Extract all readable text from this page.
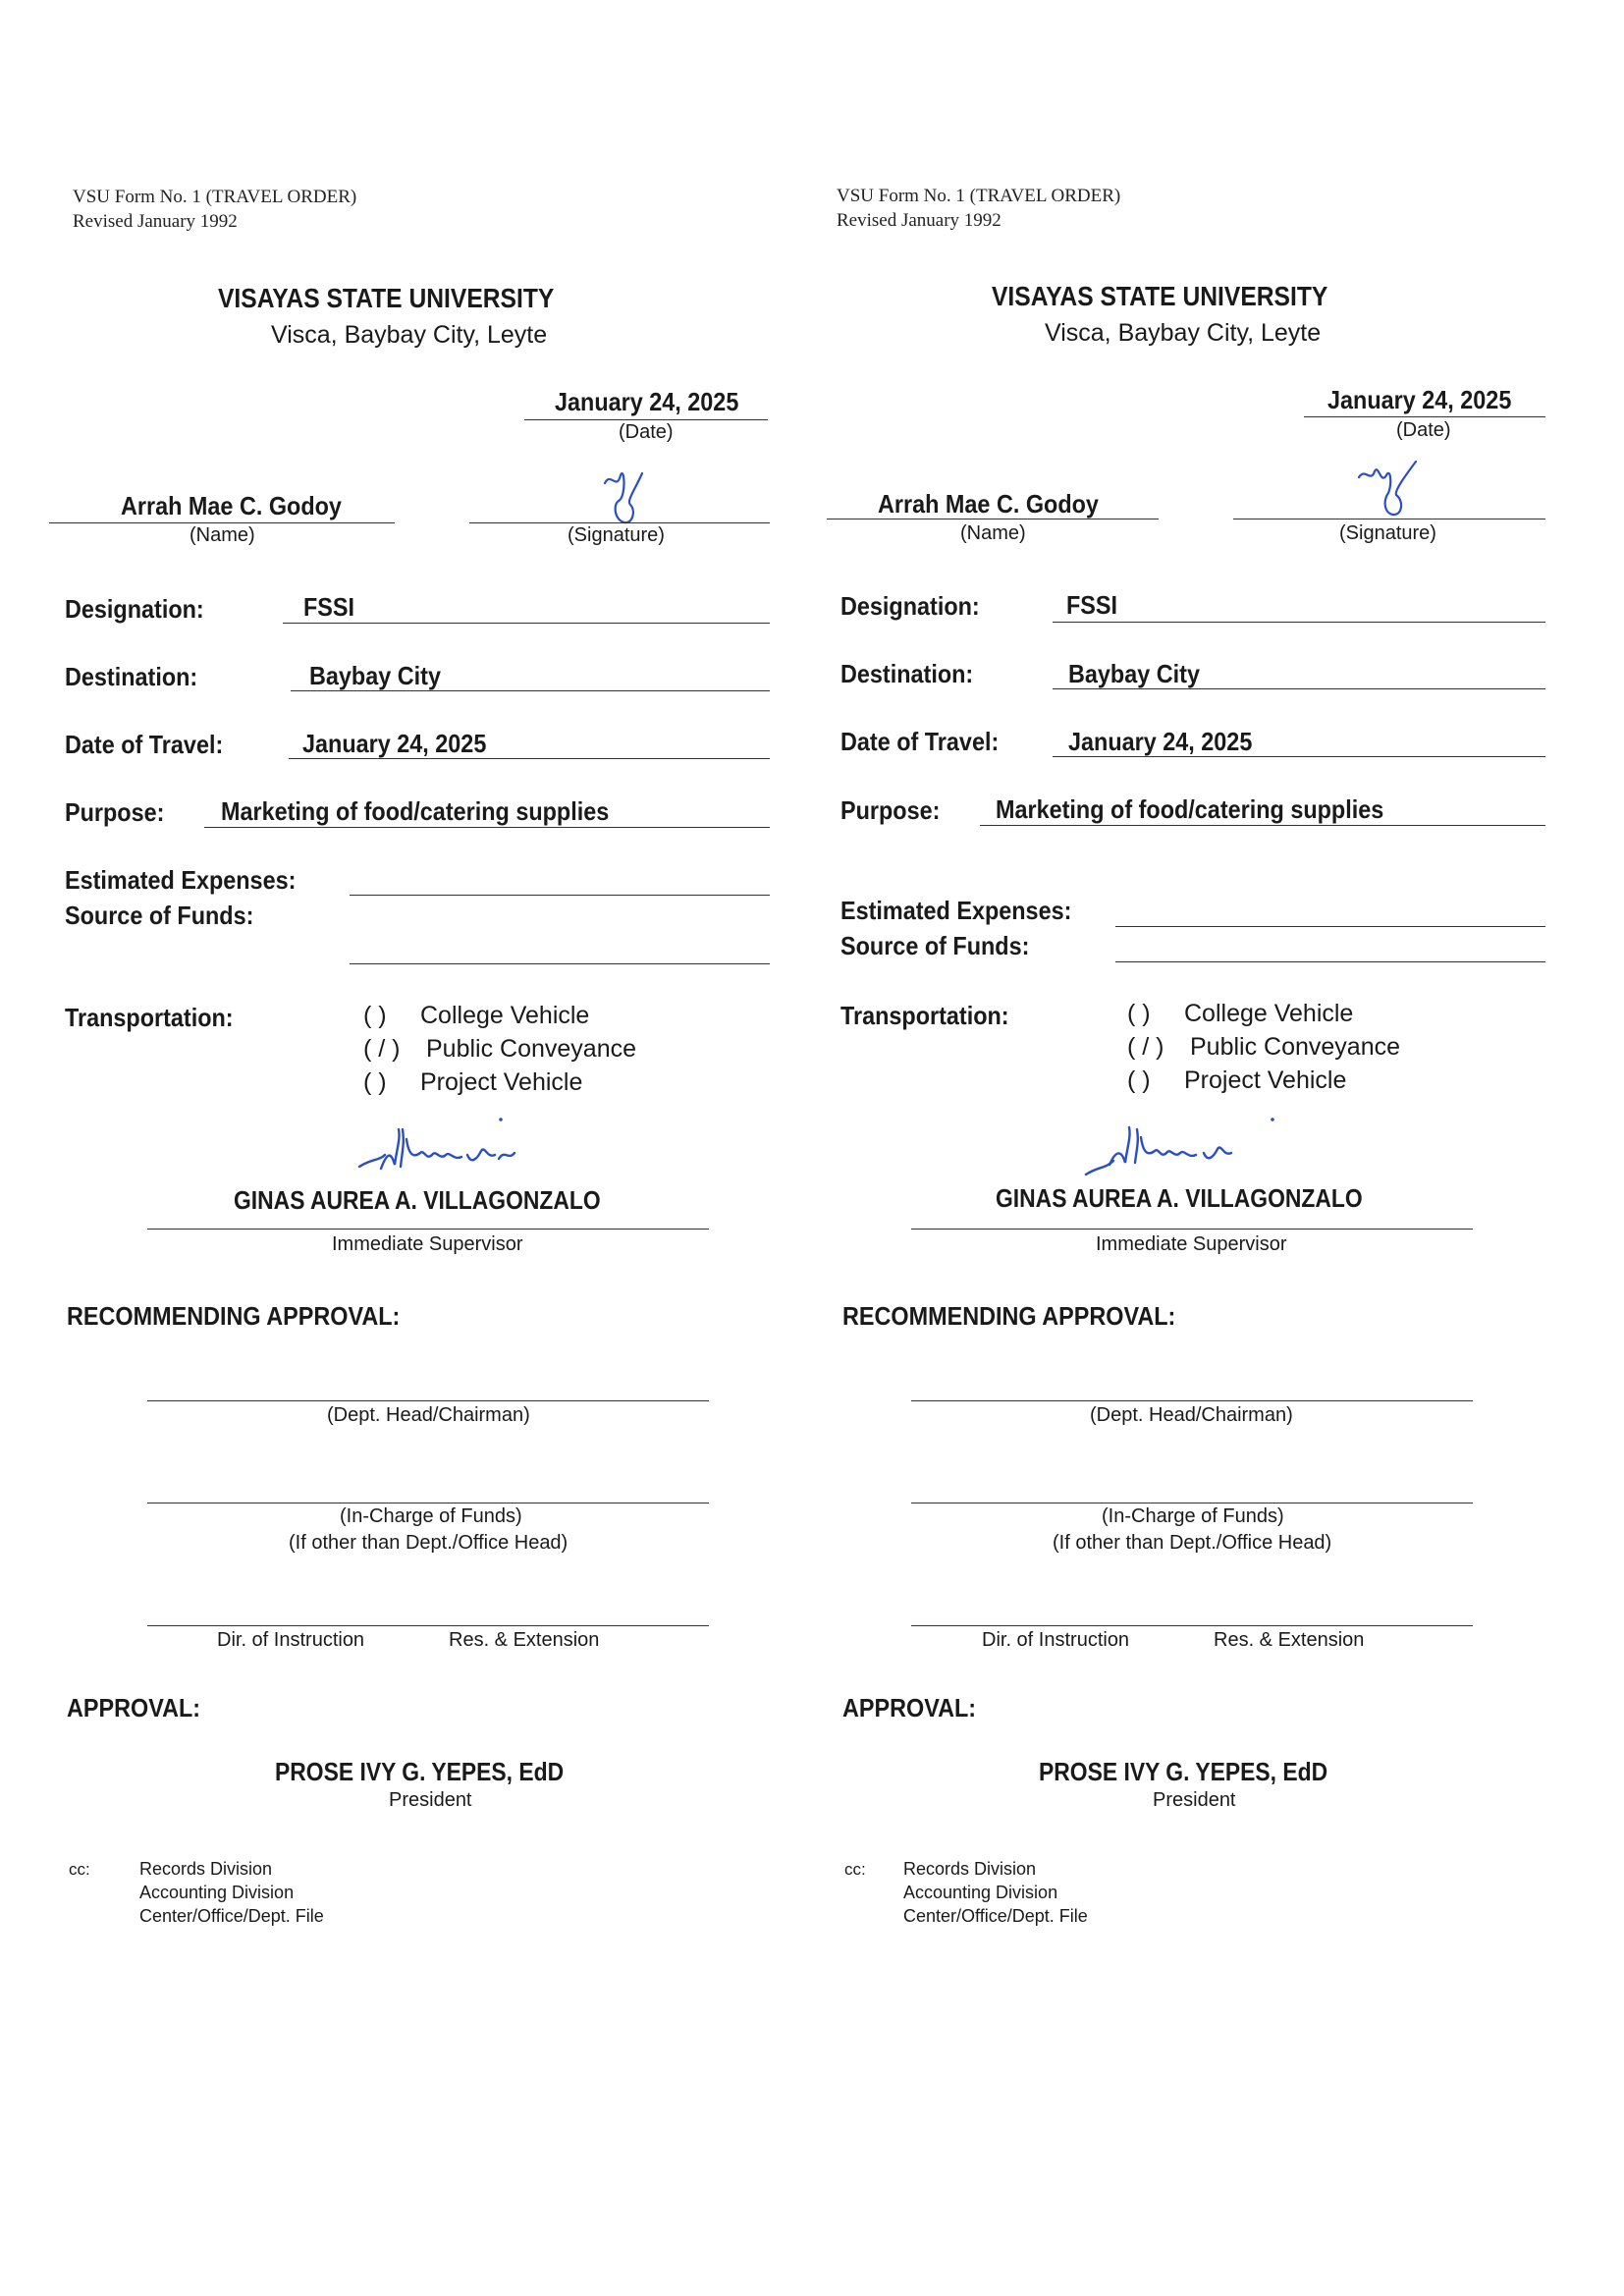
VSU Form No. 1 (TRAVEL ORDER)
Revised January 1992
VISAYAS STATE UNIVERSITY
Visca, Baybay City, Leyte
January 24, 2025
(Date)
Arrah Mae C. Godoy
(Name)	(Signature)
Designation:	FSSI
Destination:	Baybay City
Date of Travel:	January 24, 2025
Purpose: Marketing of food/catering supplies
Estimated Expenses:
Source of Funds:
Transportation:	( ) College Vehicle
( / ) Public Conveyance
( ) Project Vehicle
GINAS AUREA A. VILLAGONZALO
Immediate Supervisor
RECOMMENDING APPROVAL:
(Dept. Head/Chairman)
(In-Charge of Funds)
(If other than Dept./Office Head)
Dir. of Instruction	Res. & Extension
APPROVAL:
PROSE IVY G. YEPES, EdD
President
cc:	Records Division
Accounting Division
Center/Office/Dept. File
VSU Form No. 1 (TRAVEL ORDER)
Revised January 1992
VISAYAS STATE UNIVERSITY
Visca, Baybay City, Leyte
January 24, 2025
(Date)
Arrah Mae C. Godoy
(Name)	(Signature)
Designation:	FSSI
Destination:	Baybay City
Date of Travel:	January 24, 2025
Purpose: Marketing of food/catering supplies
Estimated Expenses:
Source of Funds:
Transportation:	( ) College Vehicle
( / ) Public Conveyance
( ) Project Vehicle
GINAS AUREA A. VILLAGONZALO
Immediate Supervisor
RECOMMENDING APPROVAL:
(Dept. Head/Chairman)
(In-Charge of Funds)
(If other than Dept./Office Head)
Dir. of Instruction	Res. & Extension
APPROVAL:
PROSE IVY G. YEPES, EdD
President
cc: Records Division
Accounting Division
Center/Office/Dept. File
